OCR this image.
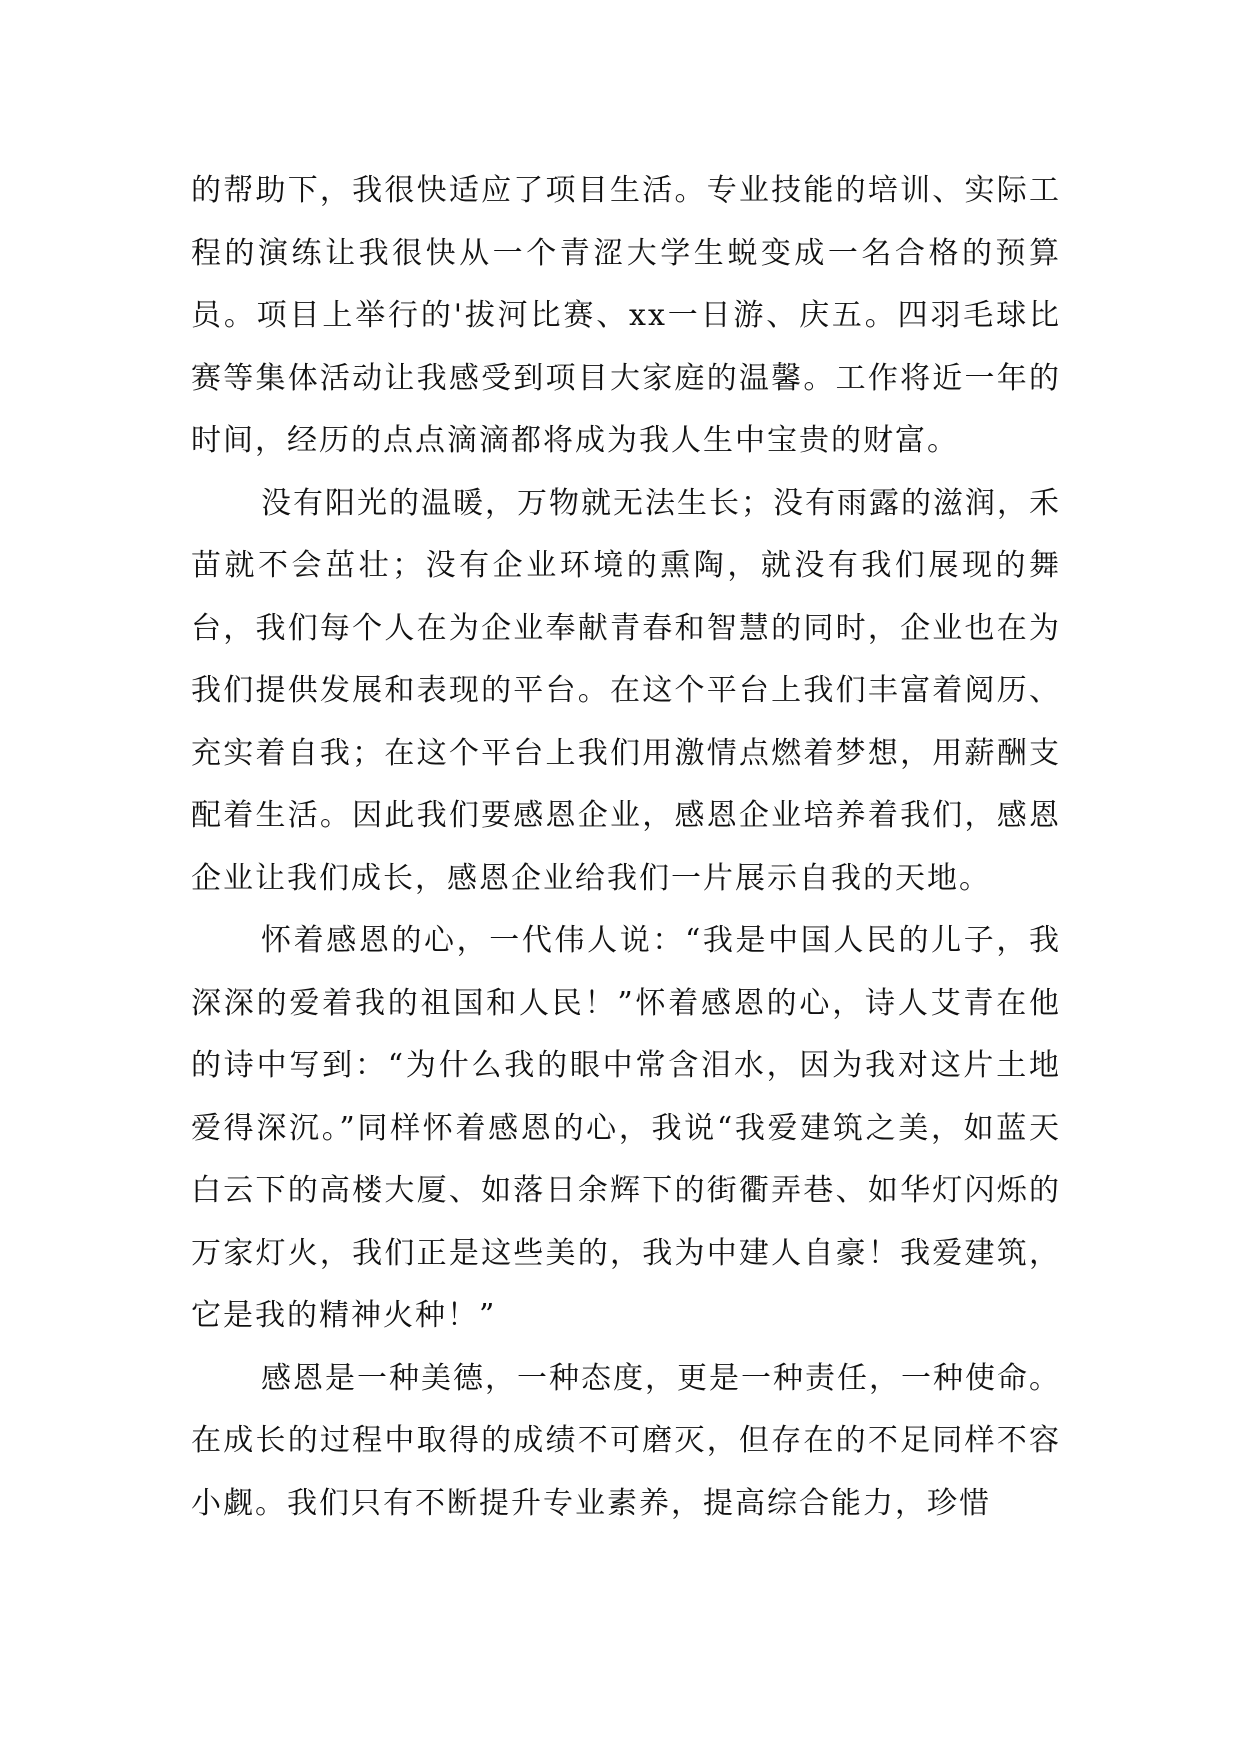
的帮助下，我很快适应了项目生活。专业技能的培训、实际工程的演练让我很快从一个青涩大学生蜕变成一名合格的预算员。项目上举行的'拔河比赛、xx一日游、庆五。四羽毛球比赛等集体活动让我感受到项目大家庭的温馨。工作将近一年的时间，经历的点点滴滴都将成为我人生中宝贵的财富。

没有阳光的温暖，万物就无法生长；没有雨露的滋润，禾苗就不会茁壮；没有企业环境的熏陶，就没有我们展现的舞台，我们每个人在为企业奉献青春和智慧的同时，企业也在为我们提供发展和表现的平台。在这个平台上我们丰富着阅历、充实着自我；在这个平台上我们用激情点燃着梦想，用薪酬支配着生活。因此我们要感恩企业，感恩企业培养着我们，感恩企业让我们成长，感恩企业给我们一片展示自我的天地。

怀着感恩的心，一代伟人说：“我是中国人民的儿子，我深深的爱着我的祖国和人民！”怀着感恩的心，诗人艾青在他的诗中写到：“为什么我的眼中常含泪水，因为我对这片土地爱得深沉。”同样怀着感恩的心，我说“我爱建筑之美，如蓝天白云下的高楼大厦、如落日余辉下的街衢弄巷、如华灯闪烁的万家灯火，我们正是这些美的，我为中建人自豪！我爱建筑，它是我的精神火种！”

感恩是一种美德，一种态度，更是一种责任，一种使命。在成长的过程中取得的成绩不可磨灭，但存在的不足同样不容小觑。我们只有不断提升专业素养，提高综合能力，珍惜
